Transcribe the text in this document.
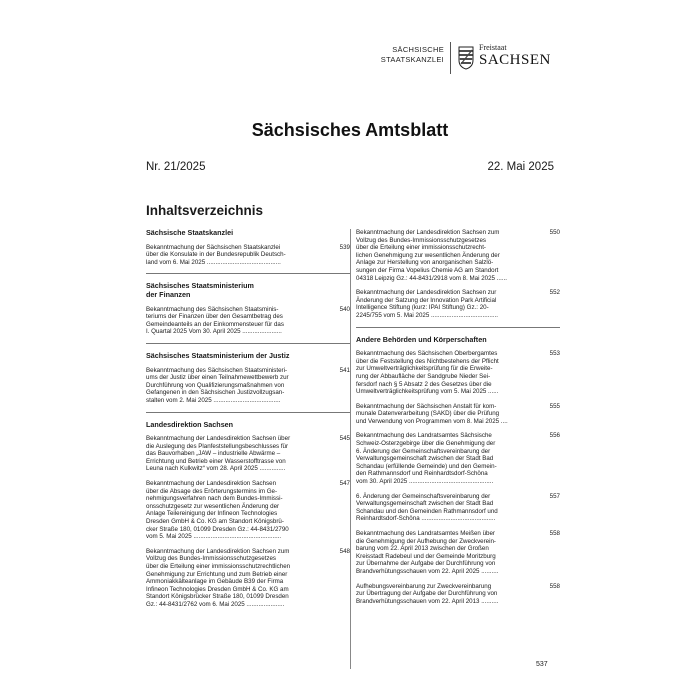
SÄCHSISCHE
STAATSKANZLEI
Freistaat
SACHSEN
Sächsisches Amtsblatt
Nr. 21/2025	22. Mai 2025
Inhaltsverzeichnis
Sächsische Staatskanzlei
539
Bekanntmachung der Sächsischen Staatskanzlei
über die Konsulate in der Bundesrepublik Deutsch-
land vom 6. Mai 2025 ...........................................
Sächsisches Staatsministerium
der Finanzen
540
Bekanntmachung des Sächsischen Staatsminis-
teriums der Finanzen über den Gesamtbetrag des
Gemeindeanteils an der Einkommensteuer für das
I. Quartal 2025 Vom 30. April 2025 .......................
Sächsisches Staatsministerium der Justiz
541
Bekanntmachung des Sächsischen Staatsministeri-
ums der Justiz über einen Teilnahmewettbewerb zur
Durchführung von Qualifizierungsmaßnahmen von
Gefangenen in den Sächsischen Justizvollzugsan-
stalten vom 2. Mai 2025 .......................................
Landesdirektion Sachsen
545
Bekanntmachung der Landesdirektion Sachsen über
die Auslegung des Planfeststellungsbeschlusses für
das Bauvorhaben „JAW – industrielle Abwärme –
Errichtung und Betrieb einer Wasserstofftrasse von
Leuna nach Kulkwitz“ vom 28. April 2025 ...............
547
Bekanntmachung der Landesdirektion Sachsen
über die Absage des Erörterungstermins im Ge-
nehmigungsverfahren nach dem Bundes-Immissi-
onsschutzgesetz zur wesentlichen Änderung der
Anlage Teilereinigung der Infineon Technologies
Dresden GmbH & Co. KG am Standort Königsbrü-
cker Straße 180, 01099 Dresden Gz.: 44-8431/2790
vom 5. Mai 2025 ...................................................
548
Bekanntmachung der Landesdirektion Sachsen zum
Vollzug des Bundes-Immissionsschutzgesetzes
über die Erteilung einer immissionsschutzrechtlichen
Genehmigung zur Errichtung und zum Betrieb einer
Ammoniakkälteanlage im Gebäude B39 der Firma
Infineon Technologies Dresden GmbH & Co. KG am
Standort Königsbrücker Straße 180, 01099 Dresden
Gz.: 44-8431/2762 vom 6. Mai 2025 ......................
550
Bekanntmachung der Landesdirektion Sachsen zum
Vollzug des Bundes-Immissionsschutzgesetzes
über die Erteilung einer immissionsschutzrecht-
lichen Genehmigung zur wesentlichen Änderung der
Anlage zur Herstellung von anorganischen Salzlö-
sungen der Firma Vopelius Chemie AG am Standort
04318 Leipzig Gz.: 44-8431/2918 vom 8. Mai 2025 ......
552
Bekanntmachung der Landesdirektion Sachsen zur
Änderung der Satzung der Innovation Park Artificial
Intelligence Stiftung (kurz: IPAI Stiftung) Gz.: 20-
2245/755 vom 5. Mai 2025 .......................................
Andere Behörden und Körperschaften
553
Bekanntmachung des Sächsischen Oberbergamtes
über die Feststellung des Nichtbestehens der Pflicht
zur Umweltverträglichkeitsprüfung für die Erweite-
rung der Abbaufläche der Sandgrube Nieder Sei-
fersdorf nach § 5 Absatz 2 des Gesetzes über die
Umweltverträglichkeitsprüfung vom 5. Mai 2025 ......
555
Bekanntmachung der Sächsischen Anstalt für kom-
munale Datenverarbeitung (SAKD) über die Prüfung
und Verwendung von Programmen vom 8. Mai 2025 ....
556
Bekanntmachung des Landratsamtes Sächsische
Schweiz-Osterzgebirge über die Genehmigung der
6. Änderung der Gemeinschaftsvereinbarung der
Verwaltungsgemeinschaft zwischen der Stadt Bad
Schandau (erfüllende Gemeinde) und den Gemein-
den Rathmannsdorf und Reinhardtsdorf-Schöna
vom 30. April 2025 .................................................
557
6. Änderung der Gemeinschaftsvereinbarung der
Verwaltungsgemeinschaft zwischen der Stadt Bad
Schandau und den Gemeinden Rathmannsdorf und
Reinhardtsdorf-Schöna ...........................................
558
Bekanntmachung des Landratsamtes Meißen über
die Genehmigung der Aufhebung der Zweckverein-
barung vom 22. April 2013 zwischen der Großen
Kreisstadt Radebeul und der Gemeinde Moritzburg
zur Übernahme der Aufgabe der Durchführung von
Brandverhütungsschauen vom 22. April 2025 ..........
558
Aufhebungsvereinbarung zur Zweckvereinbarung
zur Übertragung der Aufgabe der Durchführung von
Brandverhütungsschauen vom 22. April 2013 ..........
537
